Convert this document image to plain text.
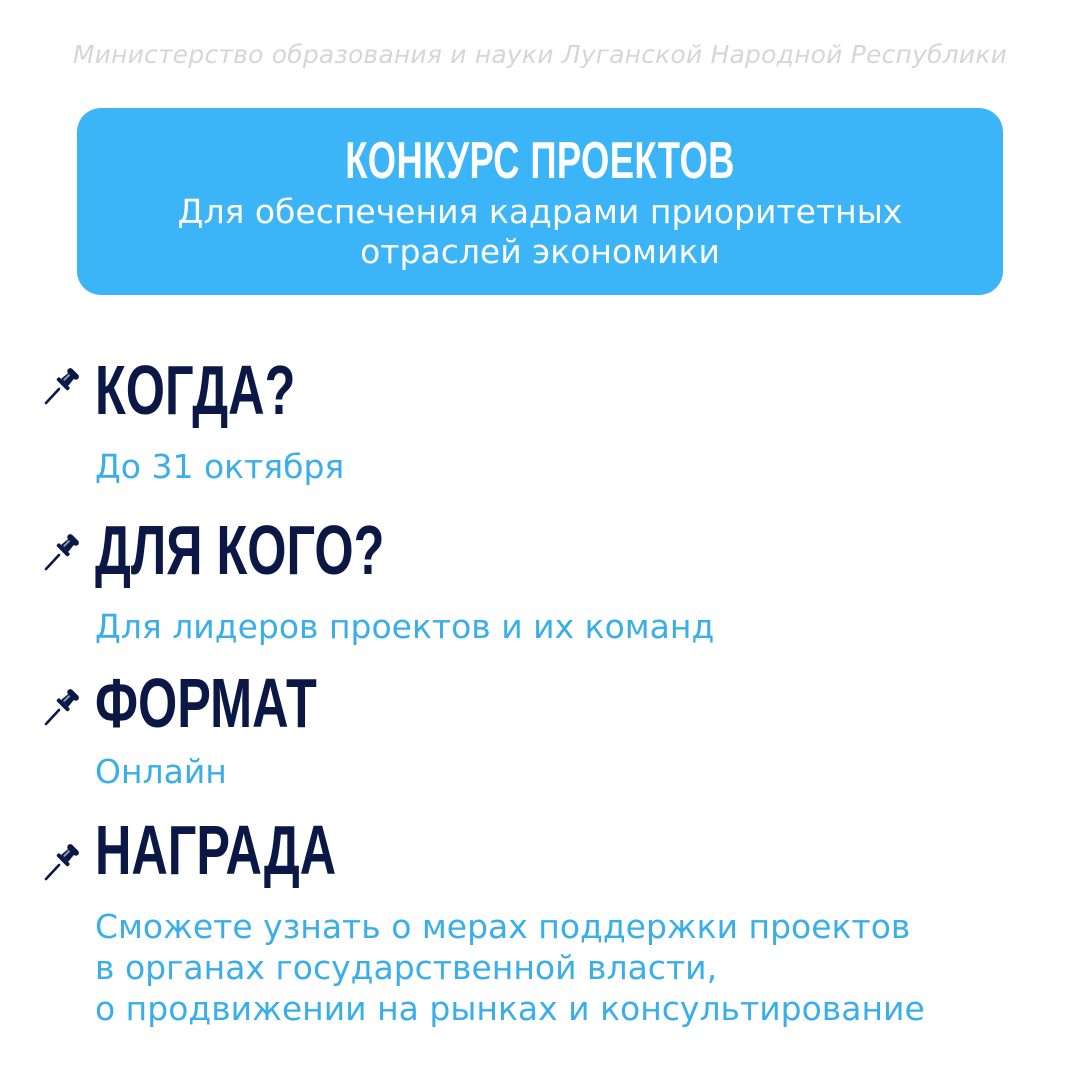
Министерство образования и науки Луганской Народной Республики
КОНКУРС ПРОЕКТОВ
Для обеспечения кадрами приоритетных
отраслей экономики
КОГДА?
До 31 октября
ДЛЯ КОГО?
Для лидеров проектов и их команд
ФОРМАТ
Онлайн
НАГРАДА
Сможете узнать о мерах поддержки проектов
в органах государственной власти,
о продвижении на рынках и консультирование
